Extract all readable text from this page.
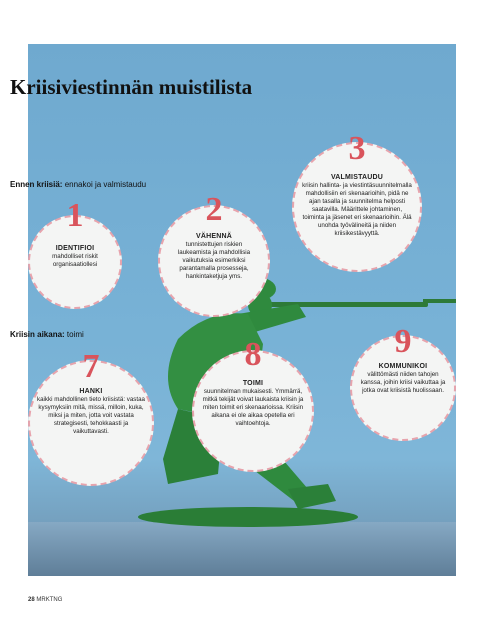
Kriisiviestinnän muistilista
Ennen kriisiä: ennakoi ja valmistaudu
Kriisin aikana: toimi
1
IDENTIFIOI
mahdolliset riskit organisaatiollesi
2
VÄHENNÄ
tunnistettujen riskien laukeamista ja mahdollisia vaikutuksia esimerkiksi parantamalla prosesseja, hankintaketjuja yms.
3
VALMISTAUDU
kriisin hallinta- ja viestintäsuunnitelmalla mahdollisiin eri skenaarioihin, pidä ne ajan tasalla ja suunnitelma helposti saatavilla. Määrittele johtaminen, toiminta ja jäsenet eri skenaarioihin. Älä unohda työvälineitä ja niiden kriisikestävyyttä.
7
HANKI
kaikki mahdollinen tieto kriisistä: vastaa kysymyksiin mitä, missä, milloin, kuka, miksi ja miten, jotta voit vastata strategisesti, tehokkaasti ja vaikuttavasti.
8
TOIMI
suunnitelman mukaisesti. Ymmärrä, mitkä tekijät voivat laukaista kriisin ja miten toimit eri skenaarioissa. Kriisin aikana ei ole aikaa opetella eri vaihtoehtoja.
9
KOMMUNIKOI
välittömästi niiden tahojen kanssa, joihin kriisi vaikuttaa ja jotka ovat kriisistä huolissaan.
28 MRKTNG
